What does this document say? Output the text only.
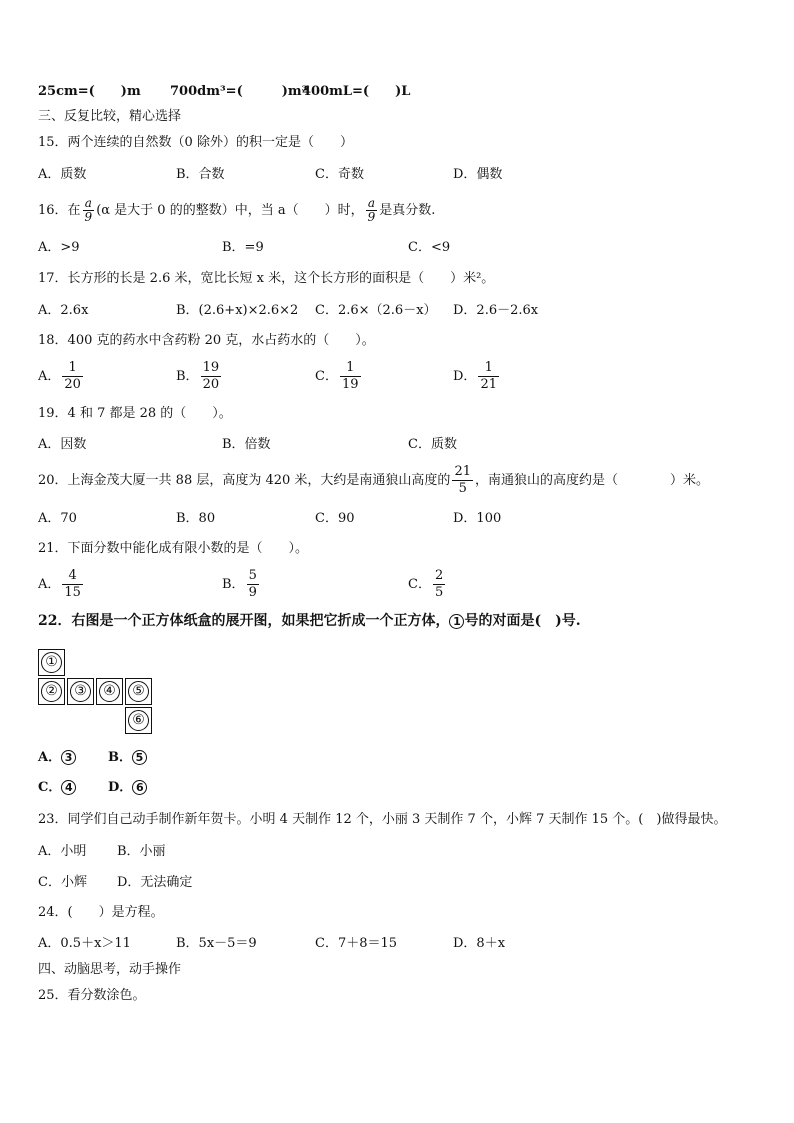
25cm=(　　)m 700dm³=(　　　)m³
400mL=(　　)L
三、反复比较，精心选择
15．两个连续的自然数（0 除外）的积一定是（　　）
A．质数	B．合数	C．奇数	D．偶数
16．在 $\frac{a}{9} (\alpha$ 是大于 0 的的整数）中，当 a（　　）时， $\frac{a}{9}$ 是真分数.
A．>9	B．=9	C．<9
17．长方形的长是 2.6 米，宽比长短 x 米，这个长方形的面积是（　　）米²。
A．2.6x	B．(2.6+x)×2.6×2 C．2.6×（2.6－x） D．2.6－2.6x
18．400 克的药水中含药粉 20 克，水占药水的（　　）。
A． $\frac{1}{20}$	B． $\frac{19}{20}$	C． $\frac{1}{19}$	D． $\frac{1}{21}$
19．4 和 7 都是 28 的（　　）。
A．因数	B．倍数	C．质数
20．上海金茂大厦一共 88 层，高度为 420 米，大约是南通狼山高度的 $\frac{21}{5}$ ，南通狼山的高度约是（　　　　）米。
A．70	B．80	C．90	D．100
21．下面分数中能化成有限小数的是（　　）。
A． $\frac{4}{15}$	B． $\frac{5}{9}$	C． $\frac{2}{5}$
22．右图是一个正方体纸盒的展开图，如果把它折成一个正方体， 1 号的对面是(　)号.
①
②	③	④	⑤
⑥
A． 3	B． 5
C． 4	D． 6
23．同学们自己动手制作新年贺卡。小明 4 天制作 12 个，小丽 3 天制作 7 个，小辉 7 天制作 15 个。(　)做得最快。
A．小明 B．小丽
C．小辉 D．无法确定
24．(　　）是方程。
A．0.5＋x＞11	B．5x－5＝9	C．7＋8＝15	D．8＋x
四、动脑思考，动手操作
25．看分数涂色。
